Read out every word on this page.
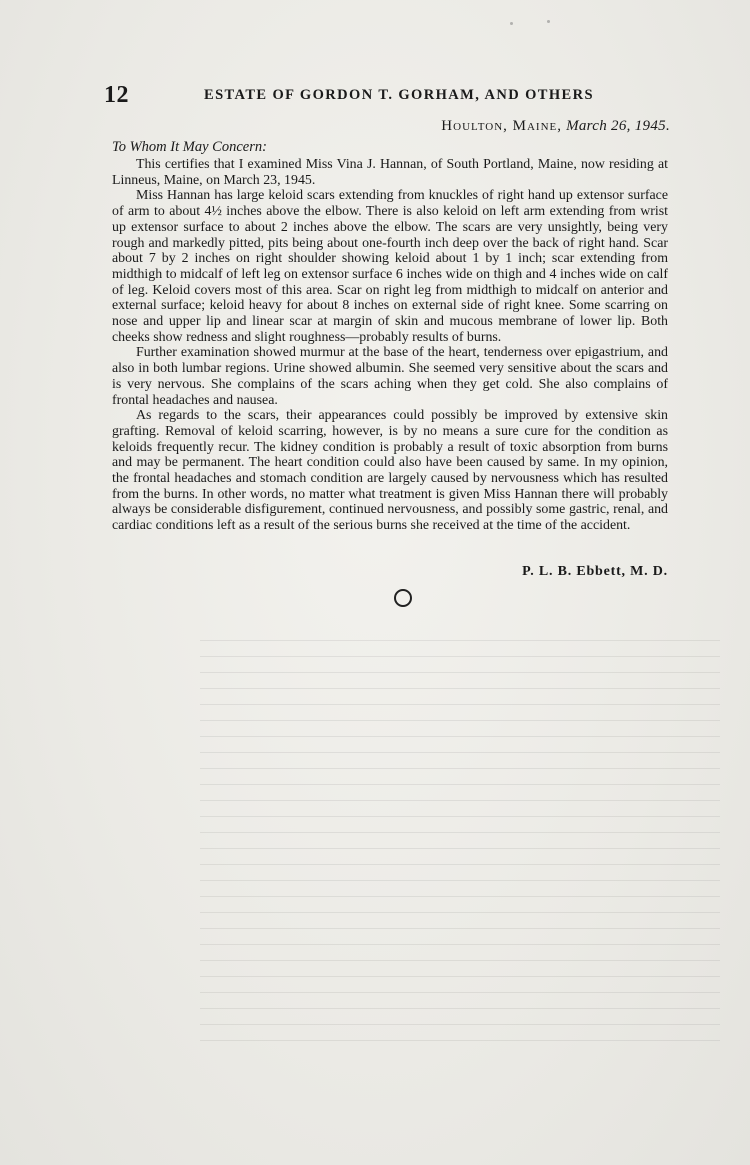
12	ESTATE OF GORDON T. GORHAM, AND OTHERS
Houlton, Maine, March 26, 1945.
To Whom It May Concern:

This certifies that I examined Miss Vina J. Hannan, of South Portland, Maine, now residing at Linneus, Maine, on March 23, 1945.

Miss Hannan has large keloid scars extending from knuckles of right hand up extensor surface of arm to about 4½ inches above the elbow. There is also keloid on left arm extending from wrist up extensor surface to about 2 inches above the elbow. The scars are very unsightly, being very rough and markedly pitted, pits being about one-fourth inch deep over the back of right hand. Scar about 7 by 2 inches on right shoulder showing keloid about 1 by 1 inch; scar extending from midthigh to midcalf of left leg on extensor surface 6 inches wide on thigh and 4 inches wide on calf of leg. Keloid covers most of this area. Scar on right leg from midthigh to midcalf on anterior and external surface; keloid heavy for about 8 inches on external side of right knee. Some scarring on nose and upper lip and linear scar at margin of skin and mucous membrane of lower lip. Both cheeks show redness and slight roughness—probably results of burns.

Further examination showed murmur at the base of the heart, tenderness over epigastrium, and also in both lumbar regions. Urine showed albumin. She seemed very sensitive about the scars and is very nervous. She complains of the scars aching when they get cold. She also complains of frontal headaches and nausea.

As regards to the scars, their appearances could possibly be improved by extensive skin grafting. Removal of keloid scarring, however, is by no means a sure cure for the condition as keloids frequently recur. The kidney condition is probably a result of toxic absorption from burns and may be permanent. The heart condition could also have been caused by same. In my opinion, the frontal headaches and stomach condition are largely caused by nervousness which has resulted from the burns. In other words, no matter what treatment is given Miss Hannan there will probably always be considerable disfigurement, continued nervousness, and possibly some gastric, renal, and cardiac conditions left as a result of the serious burns she received at the time of the accident.

P. L. B. Ebbett, M. D.
